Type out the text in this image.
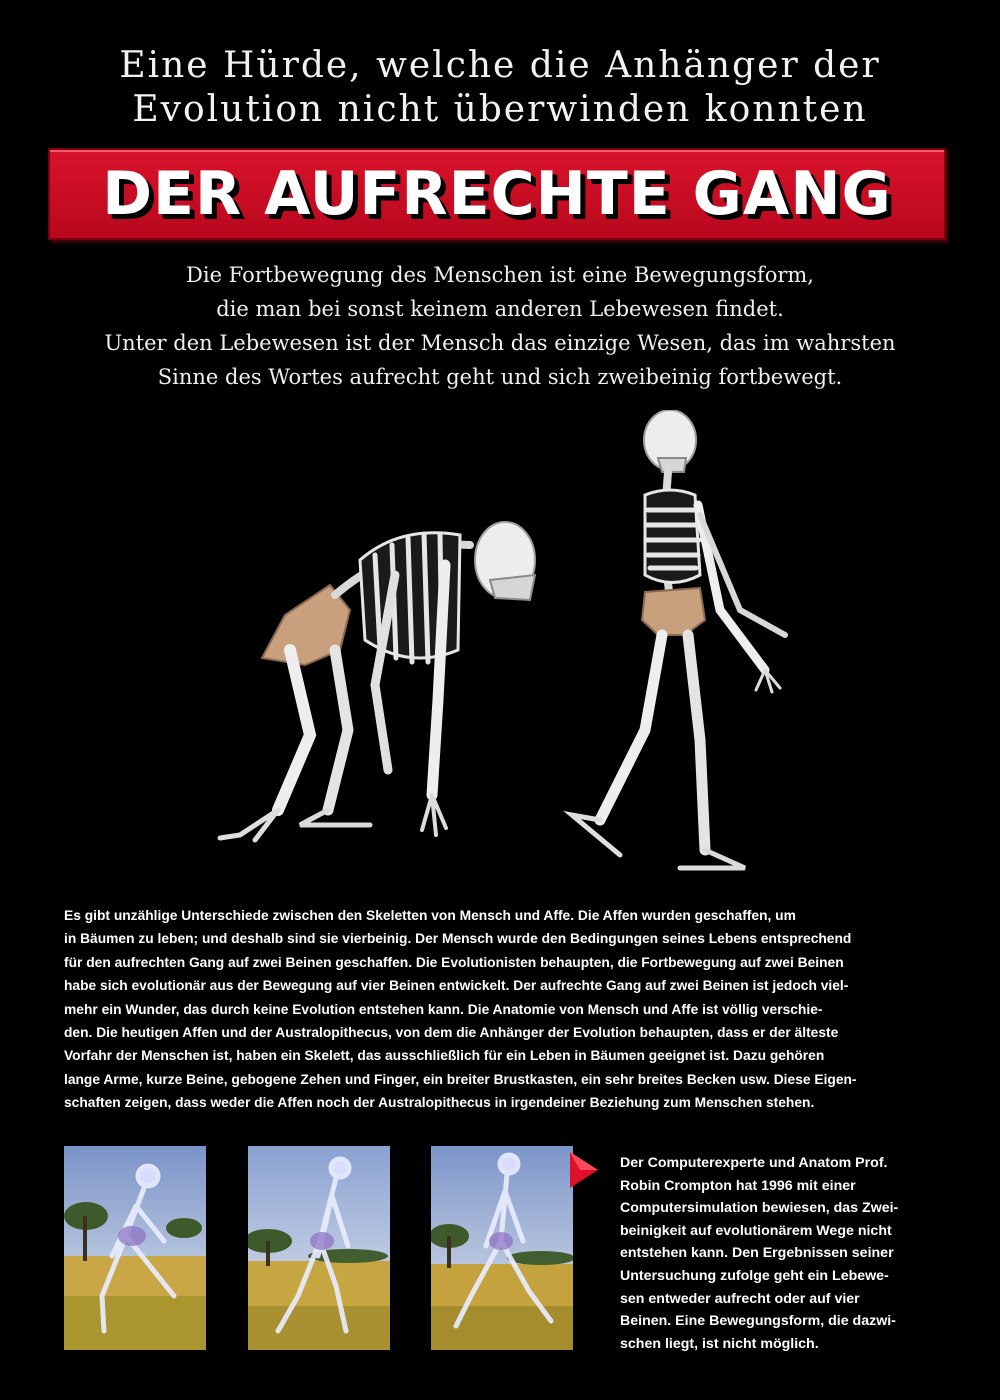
Eine Hürde, welche die Anhänger der
Evolution nicht überwinden konnten
DER AUFRECHTE GANG
Die Fortbewegung des Menschen ist eine Bewegungsform,
die man bei sonst keinem anderen Lebewesen findet.
Unter den Lebewesen ist der Mensch das einzige Wesen, das im wahrsten
Sinne des Wortes aufrecht geht und sich zweibeinig fortbewegt.
Es gibt unzählige Unterschiede zwischen den Skeletten von Mensch und Affe. Die Affen wurden geschaffen, um
in Bäumen zu leben; und deshalb sind sie vierbeinig. Der Mensch wurde den Bedingungen seines Lebens entsprechend
für den aufrechten Gang auf zwei Beinen geschaffen. Die Evolutionisten behaupten, die Fortbewegung auf zwei Beinen
habe sich evolutionär aus der Bewegung auf vier Beinen entwickelt. Der aufrechte Gang auf zwei Beinen ist jedoch viel-
mehr ein Wunder, das durch keine Evolution entstehen kann. Die Anatomie von Mensch und Affe ist völlig verschie-
den. Die heutigen Affen und der Australopithecus, von dem die Anhänger der Evolution behaupten, dass er der älteste
Vorfahr der Menschen ist, haben ein Skelett, das ausschließlich für ein Leben in Bäumen geeignet ist. Dazu gehören
lange Arme, kurze Beine, gebogene Zehen und Finger, ein breiter Brustkasten, ein sehr breites Becken usw. Diese Eigen-
schaften zeigen, dass weder die Affen noch der Australopithecus in irgendeiner Beziehung zum Menschen stehen.
Der Computerexperte und Anatom Prof.
Robin Crompton hat 1996 mit einer
Computersimulation bewiesen, das Zwei-
beinigkeit auf evolutionärem Wege nicht
entstehen kann. Den Ergebnissen seiner
Untersuchung zufolge geht ein Lebewe-
sen entweder aufrecht oder auf vier
Beinen. Eine Bewegungsform, die dazwi-
schen liegt, ist nicht möglich.
